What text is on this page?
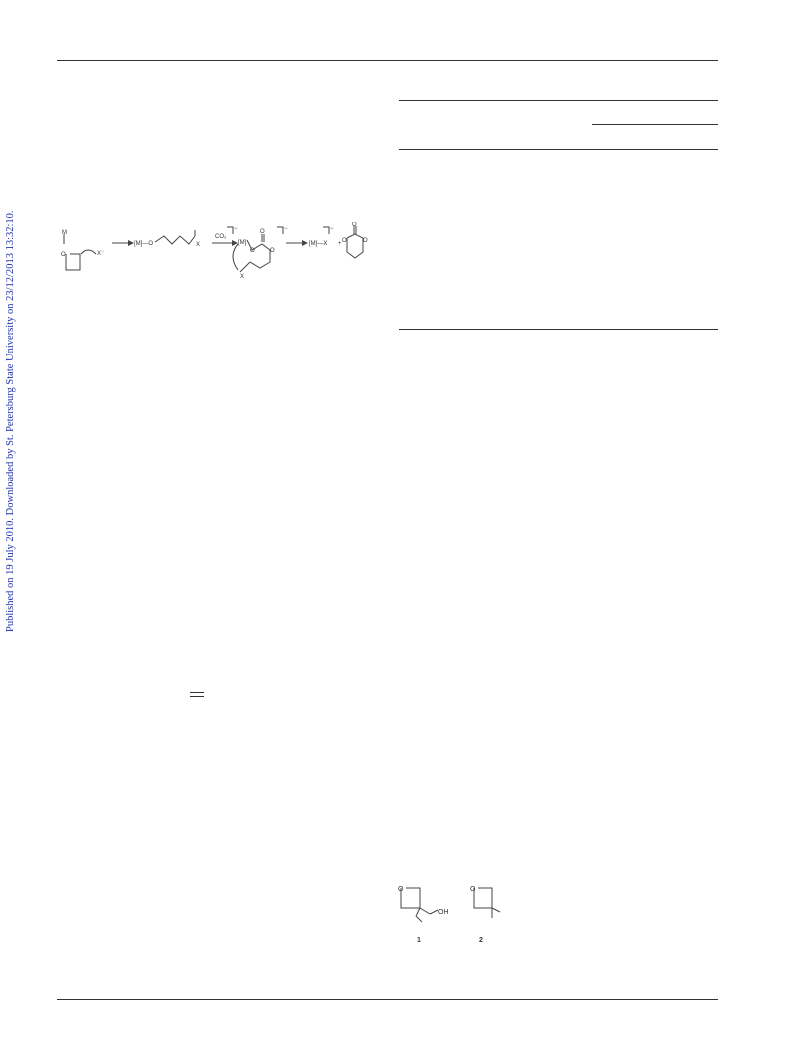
Published on 19 July 2010. Downloaded by St. Petersburg State University on 23/12/2013 13:32:10.	M
O	X⁻
[M]—O	X
−
CO₂
[M]
O	O
O
X
−
[M]—X
−
+
O
O	O
O
OH
O
1	2
